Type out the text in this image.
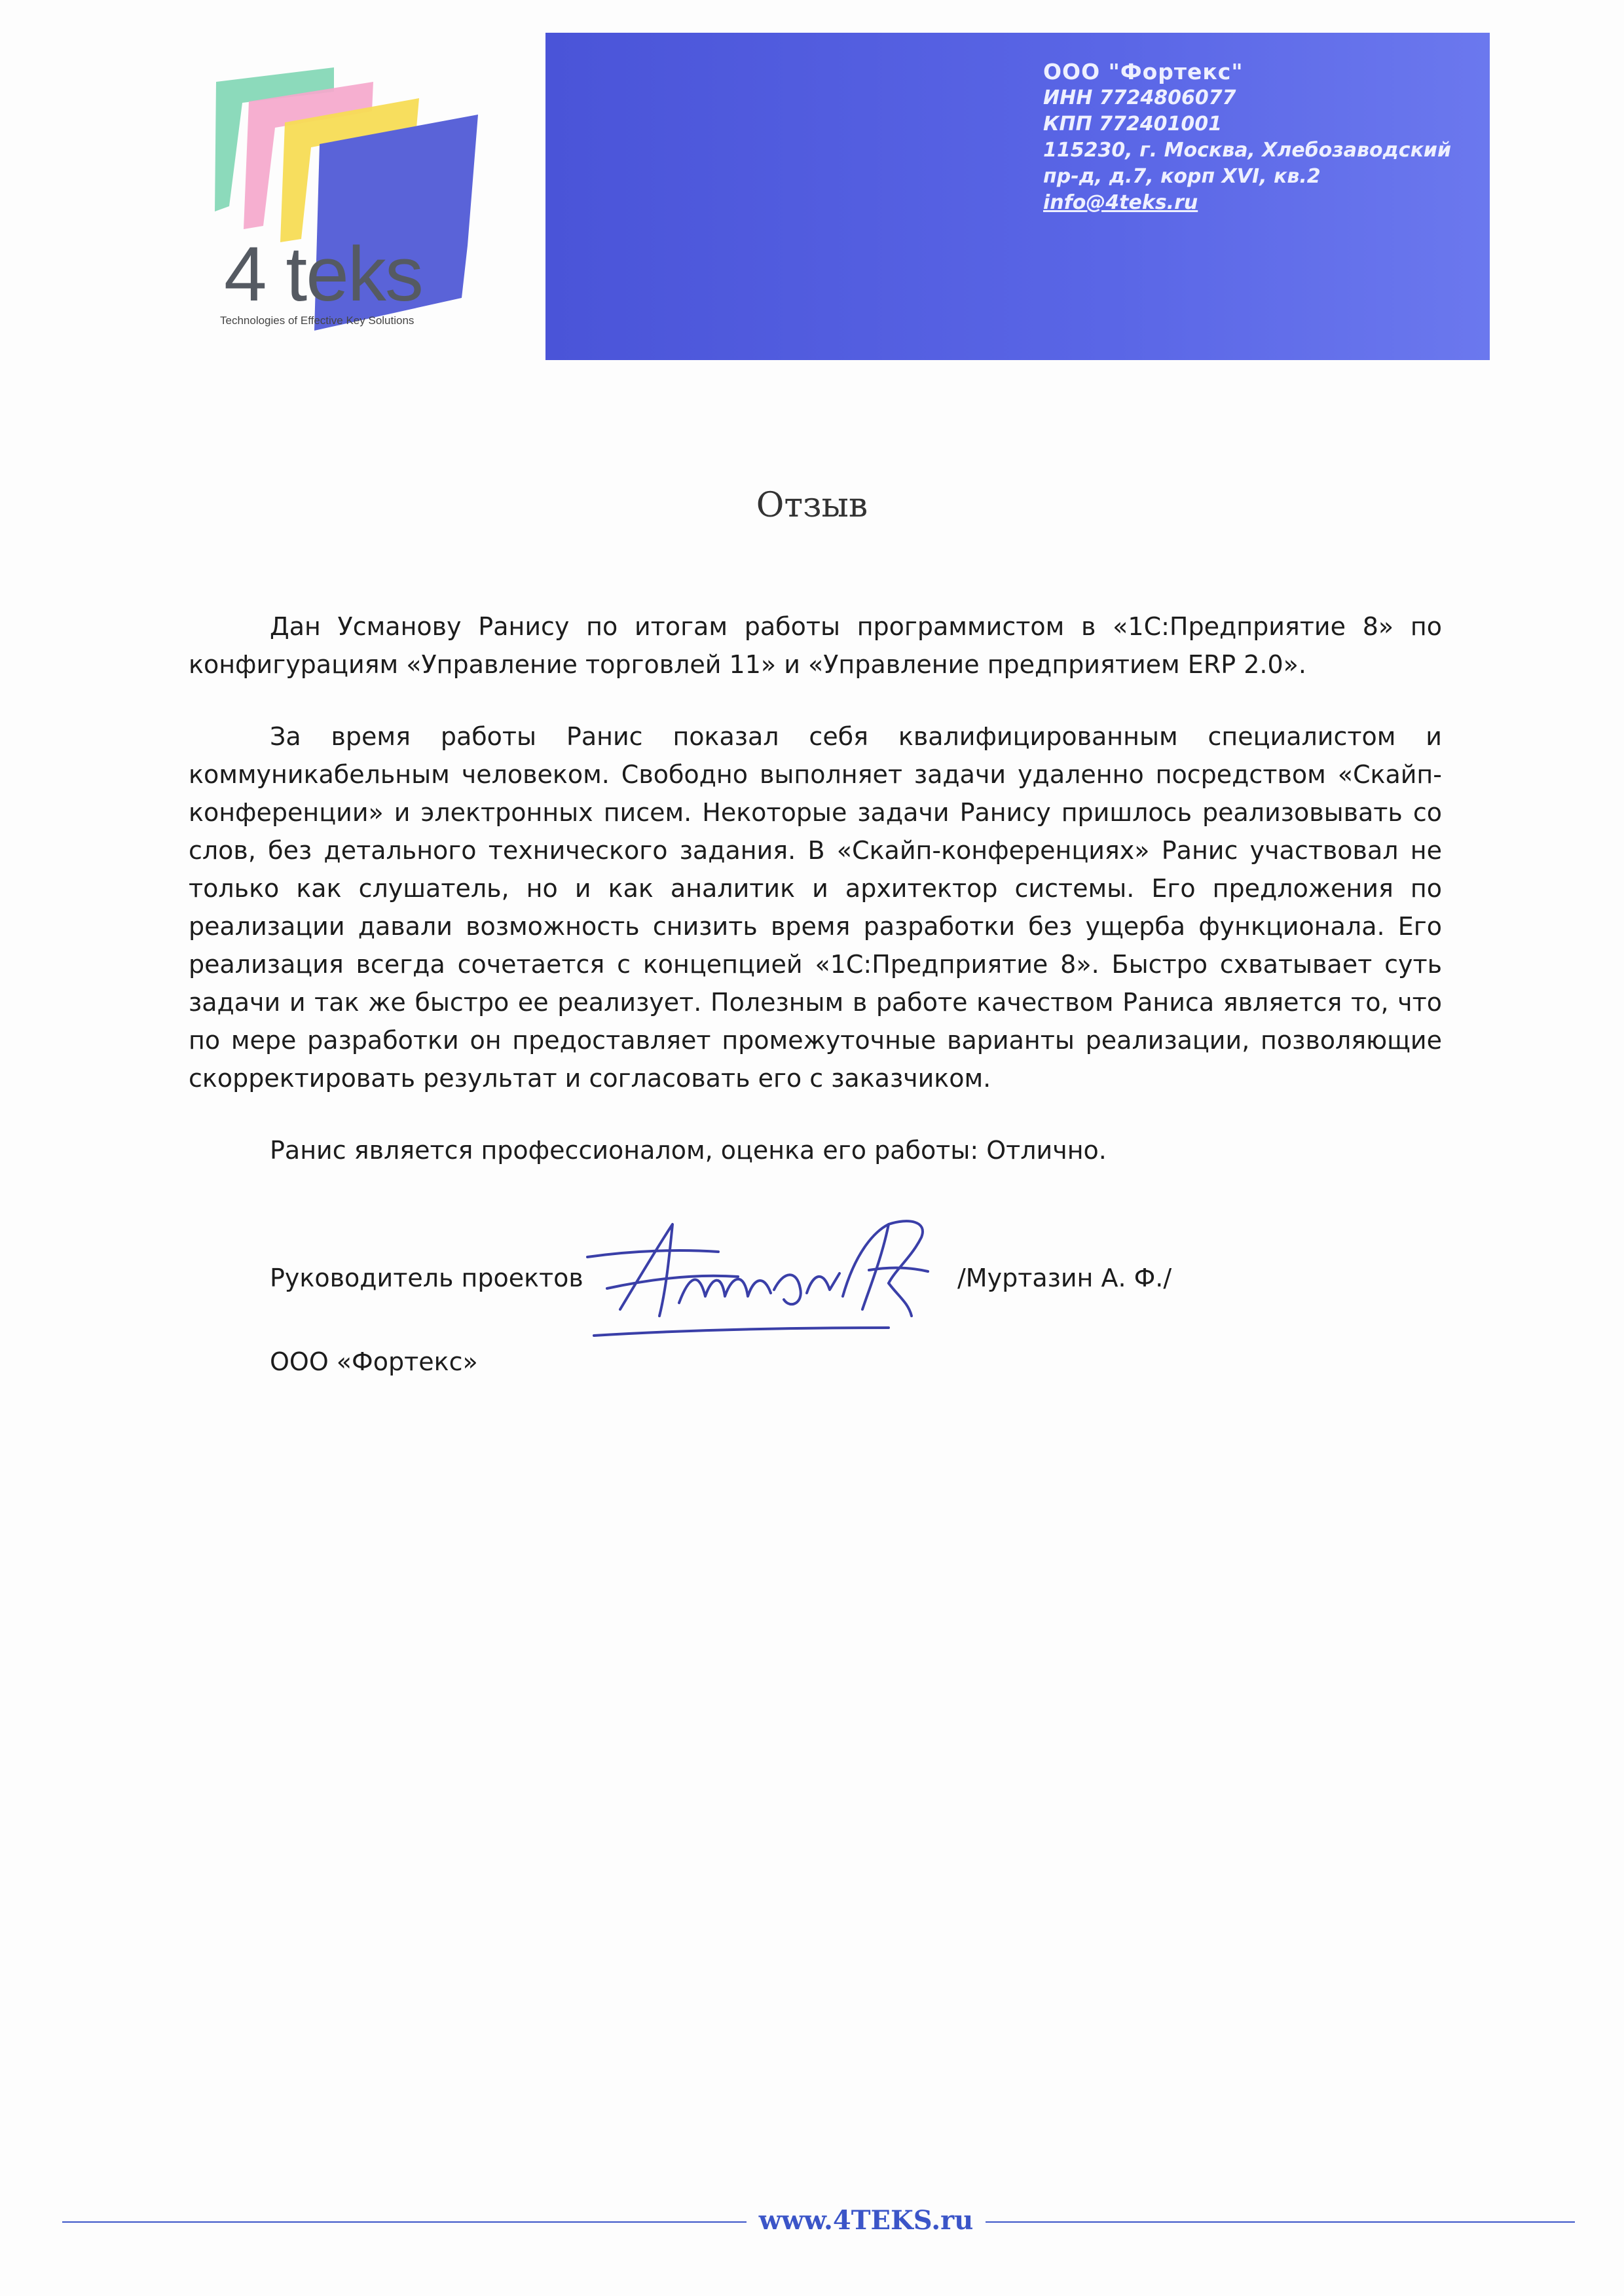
4 teks
Technologies of Effective Key Solutions
ООО "Фортекс"
ИНН 7724806077
КПП 772401001
115230, г. Москва, Хлебозаводский
пр-д, д.7, корп XVI, кв.2
info@4teks.ru
Отзыв

Дан Усманову Ранису по итогам работы программистом в «1С:Предприятие 8» по конфигурациям «Управление торговлей 11» и «Управление предприятием ERP 2.0».

За время работы Ранис показал себя квалифицированным специалистом и коммуникабельным человеком. Свободно выполняет задачи удаленно посредством «Скайп-конференции» и электронных писем. Некоторые задачи Ранису пришлось реализовывать со слов, без детального технического задания. В «Скайп-конференциях» Ранис участвовал не только как слушатель, но и как аналитик и архитектор системы. Его предложения по реализации давали возможность снизить время разработки без ущерба функционала. Его реализация всегда сочетается с концепцией «1С:Предприятие 8». Быстро схватывает суть задачи и так же быстро ее реализует. Полезным в работе качеством Раниса является то, что по мере разработки он предоставляет промежуточные варианты реализации, позволяющие скорректировать результат и согласовать его с заказчиком.

Ранис является профессионалом, оценка его работы: Отлично.

Руководитель проектов	/Муртазин А. Ф./
ООО «Фортекс»
www.4TEKS.ru
